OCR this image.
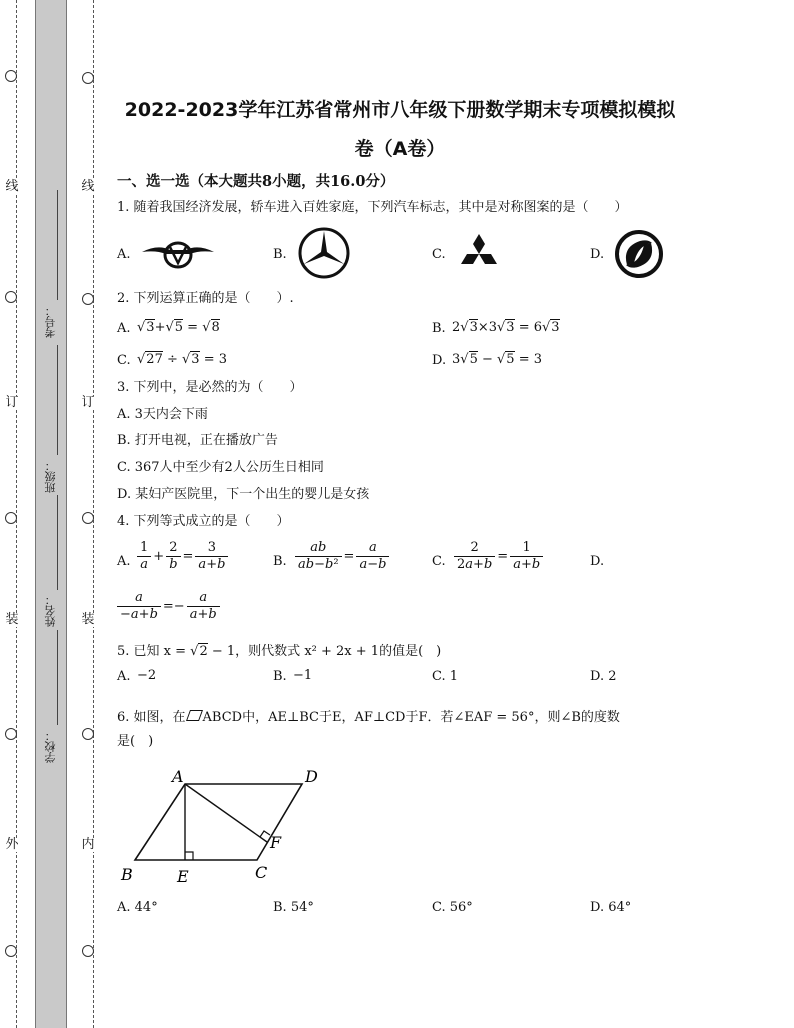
线
订
装
外
线
订
装
内
考号：
班级：
姓名：
学校：
2022-2023学年江苏省常州市八年级下册数学期末专项模拟模拟
卷（A卷）
一、选一选（本大题共8小题，共16.0分）
1. 随着我国经济发展，轿车进入百姓家庭，下列汽车标志，其中是对称图案的是（　　）
A.	B.	C.	D.
2. 下列运算正确的是（　　）.
A. √3+√5 = √8	B. 2√3×3√3 = 6√3
C. √27 ÷ √3 = 3	D. 3√5 − √5 = 3
3. 下列中，是必然的为（　　）
A. 3天内会下雨
B. 打开电视，正在播放广告
C. 367人中至少有2人公历生日相同
D. 某妇产医院里，下一个出生的婴儿是女孩
4. 下列等式成立的是（　　）
A. $\frac{1}{a} + \frac{2}{b} = \frac{3}{a+b}$	B. $\frac{ab}{\text{ab−b²}} = \frac{a}{a-b}$	C. $\frac{2}{2a+b} = \frac{1}{a+b}$	D.
$\frac{a}{-a+b} =- \frac{a}{a+b}$
5. 已知 x = √2 − 1，则代数式 x² + 2x + 1的值是(　)
A. −2	B. −1	C. 1	D. 2
6. 如图，在 ABCD中，AE⊥BC于E，AF⊥CD于F．若∠EAF = 56°，则∠B的度数
是(　)
A	D
F
B	E	C
A. 44°	B. 54°	C. 56°	D. 64°
